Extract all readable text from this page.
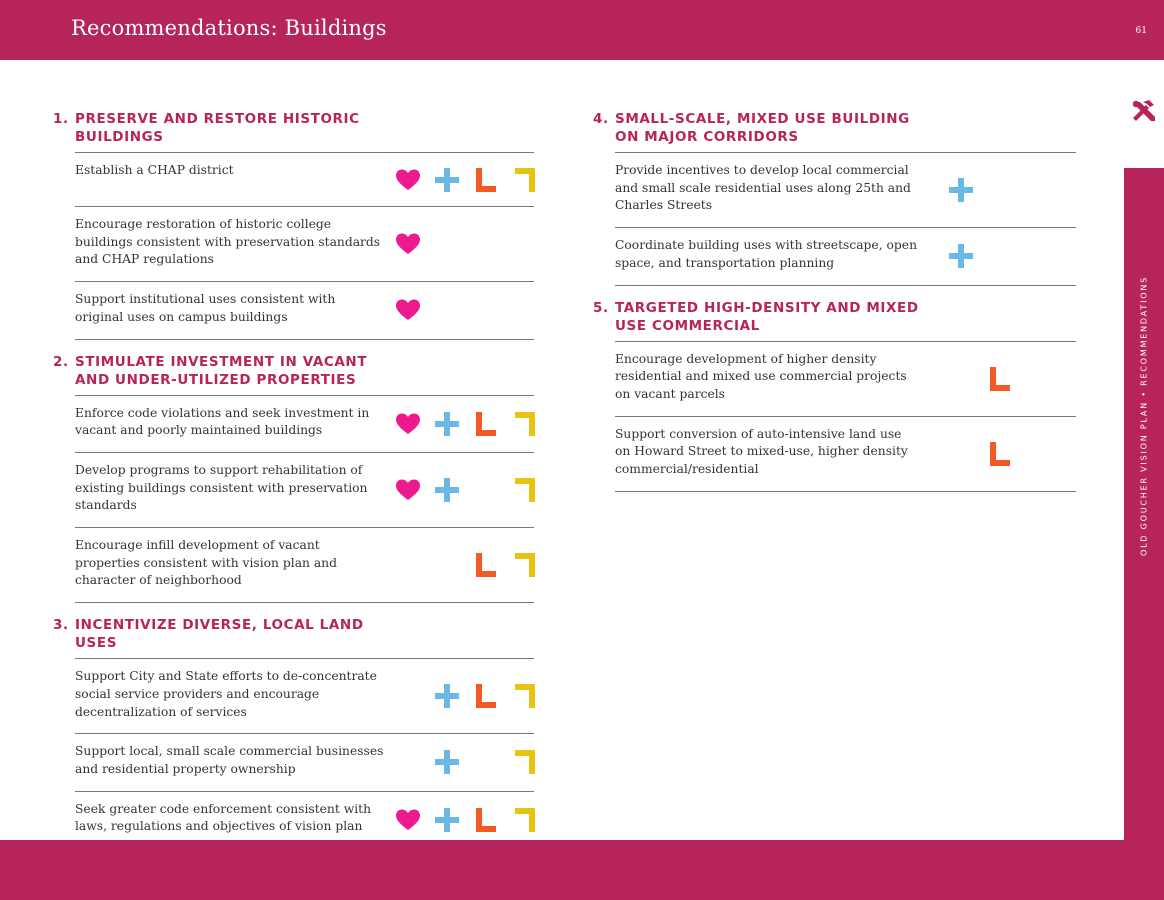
Recommendations: Buildings	61
OLD GOUCHER VISION PLAN • RECOMMENDATIONS
1. PRESERVE AND RESTORE HISTORIC
BUILDINGS
Establish a CHAP district
Encourage restoration of historic college
buildings consistent with preservation standards
and CHAP regulations
Support institutional uses consistent with
original uses on campus buildings
2. STIMULATE INVESTMENT IN VACANT
AND UNDER-UTILIZED PROPERTIES
Enforce code violations and seek investment in
vacant and poorly maintained buildings
Develop programs to support rehabilitation of
existing buildings consistent with preservation
standards
Encourage infill development of vacant
properties consistent with vision plan and
character of neighborhood
3. INCENTIVIZE DIVERSE, LOCAL LAND
USES
Support City and State efforts to de-concentrate
social service providers and encourage
decentralization of services
Support local, small scale commercial businesses
and residential property ownership
Seek greater code enforcement consistent with
laws, regulations and objectives of vision plan
4. SMALL-SCALE, MIXED USE BUILDING
ON MAJOR CORRIDORS
Provide incentives to develop local commercial
and small scale residential uses along 25th and
Charles Streets
Coordinate building uses with streetscape, open
space, and transportation planning
5. TARGETED HIGH-DENSITY AND MIXED
USE COMMERCIAL
Encourage development of higher density
residential and mixed use commercial projects
on vacant parcels
Support conversion of auto-intensive land use
on Howard Street to mixed-use, higher density
commercial/residential
